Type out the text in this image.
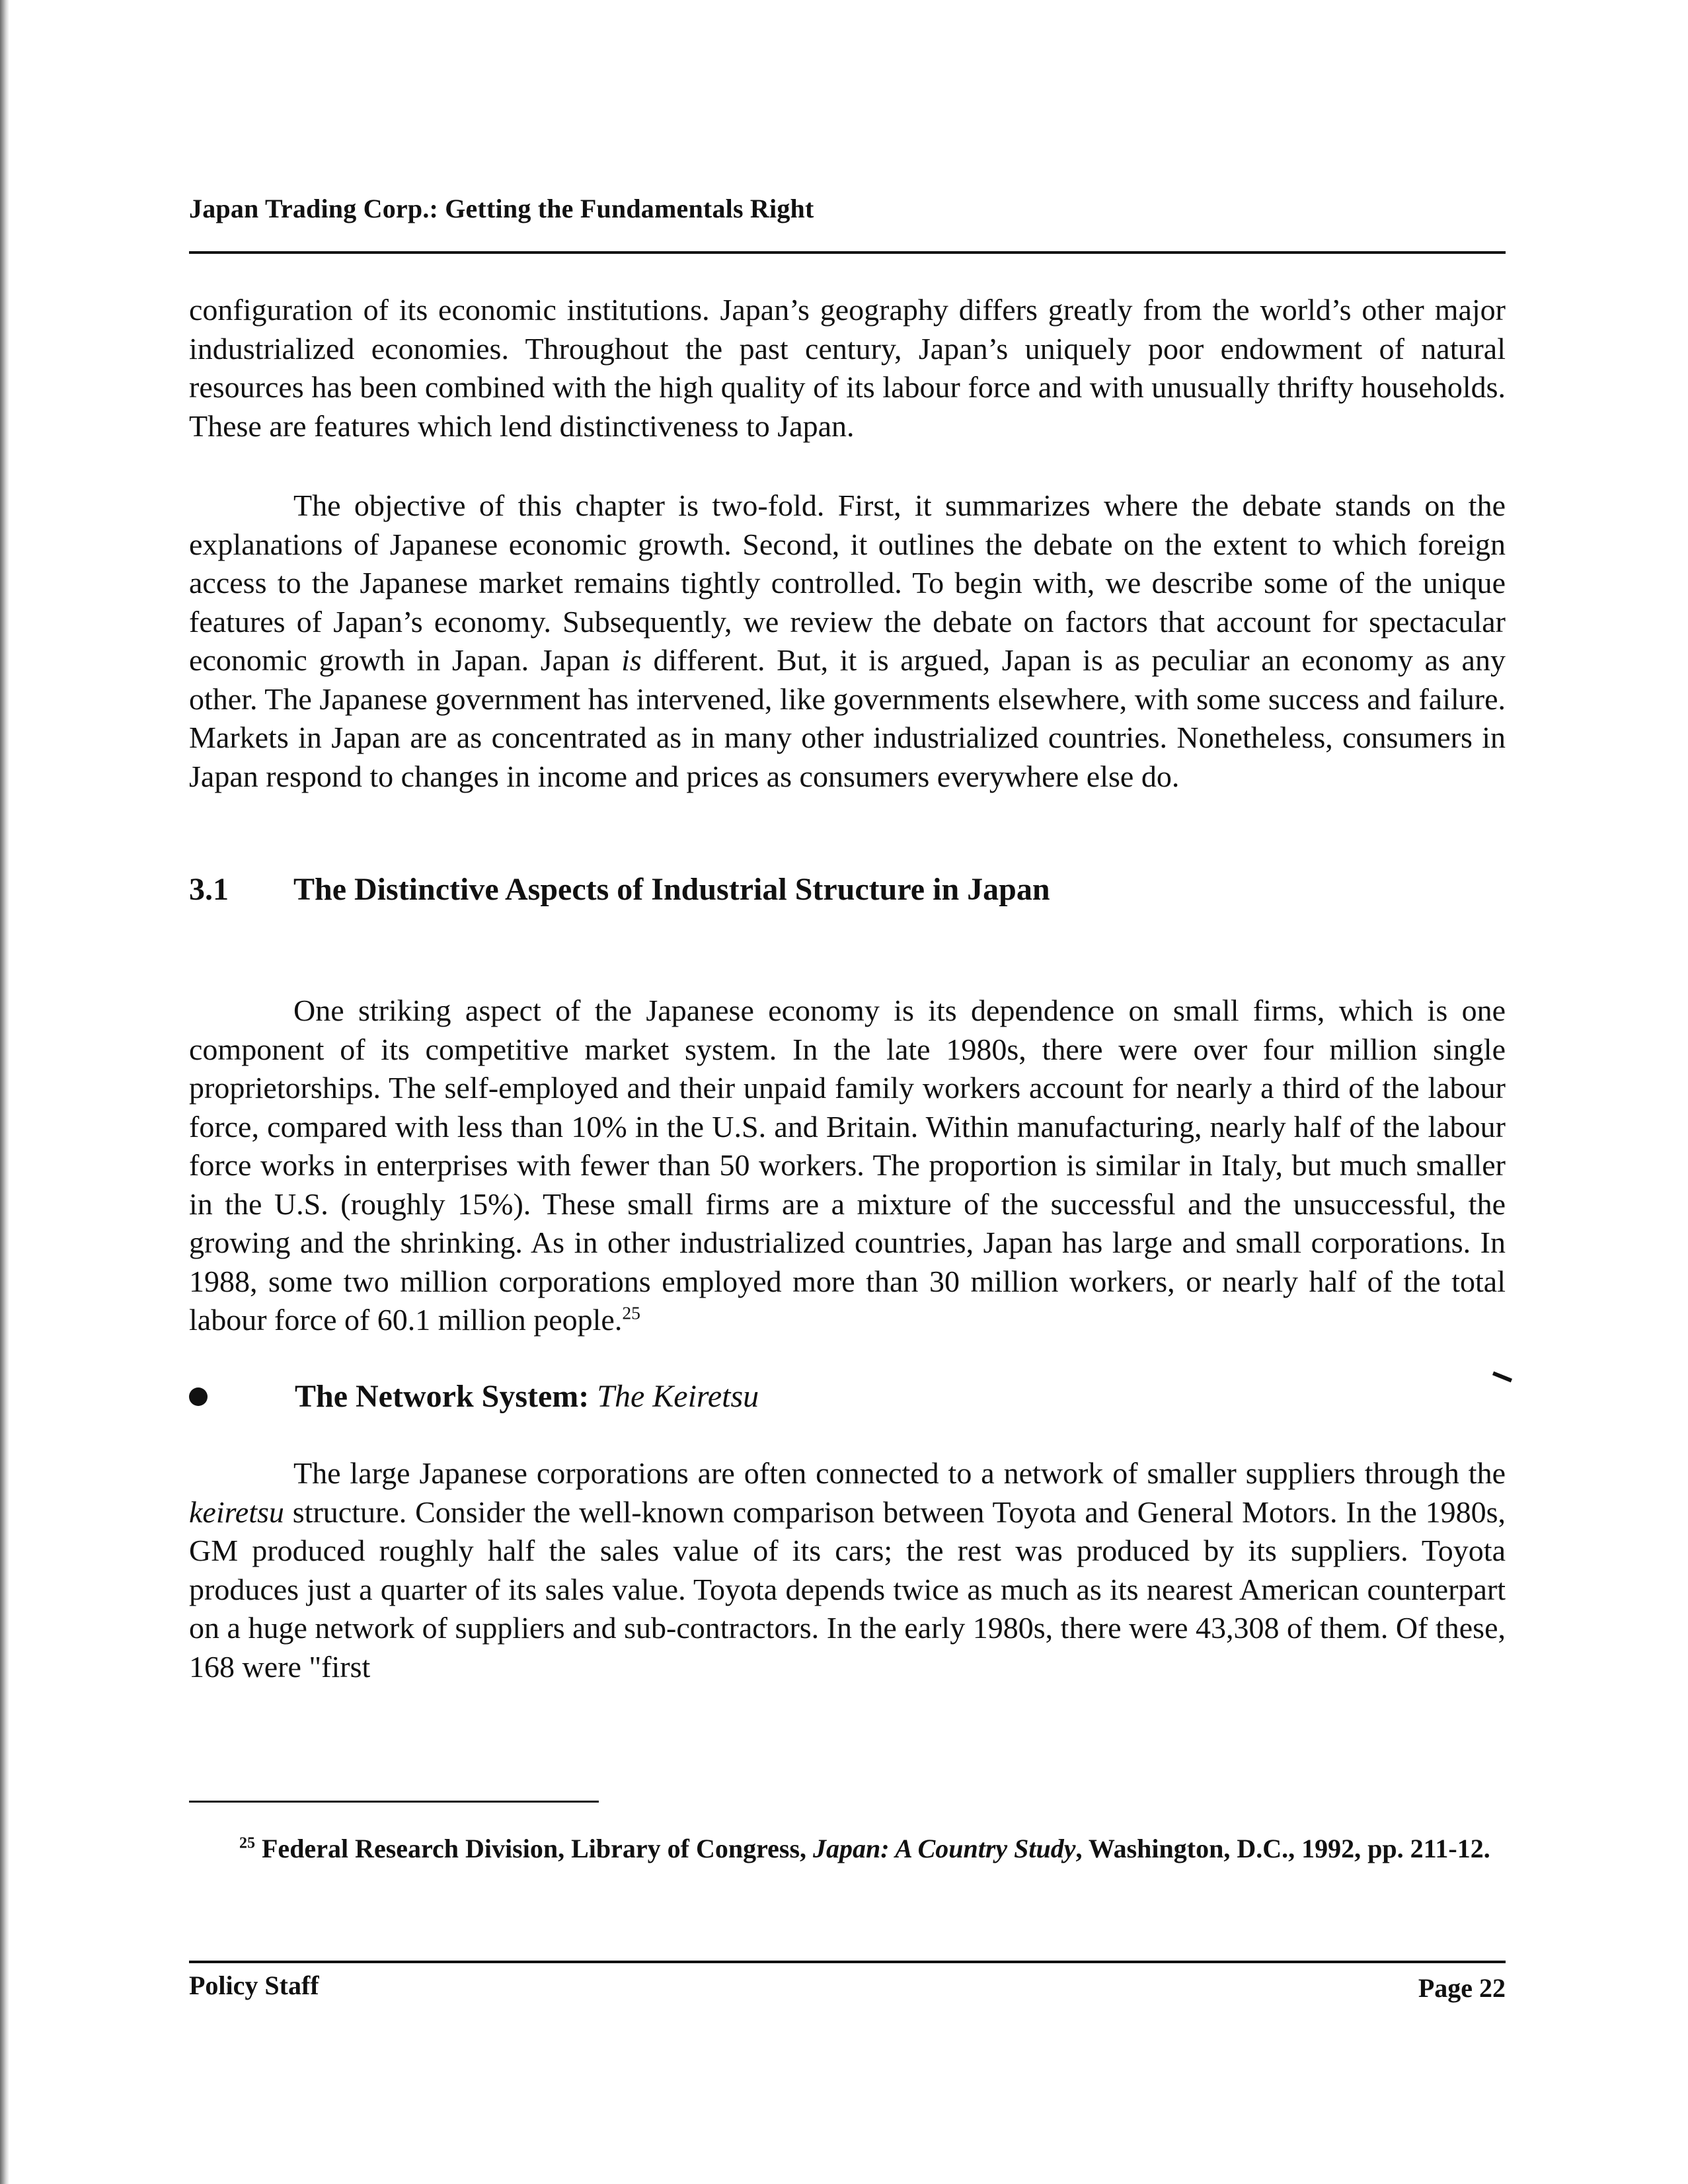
Japan Trading Corp.: Getting the Fundamentals Right

configuration of its economic institutions. Japan’s geography differs greatly from the world’s other major industrialized economies. Throughout the past century, Japan’s uniquely poor endowment of natural resources has been combined with the high quality of its labour force and with unusually thrifty households. These are features which lend distinctiveness to Japan.

The objective of this chapter is two-fold. First, it summarizes where the debate stands on the explanations of Japanese economic growth. Second, it outlines the debate on the extent to which foreign access to the Japanese market remains tightly controlled. To begin with, we describe some of the unique features of Japan’s economy. Subsequently, we review the debate on factors that account for spectacular economic growth in Japan. Japan is different. But, it is argued, Japan is as peculiar an economy as any other. The Japanese government has intervened, like governments elsewhere, with some success and failure. Markets in Japan are as concentrated as in many other industrialized countries. Nonetheless, consumers in Japan respond to changes in income and prices as consumers everywhere else do.

3.1 The Distinctive Aspects of Industrial Structure in Japan

One striking aspect of the Japanese economy is its dependence on small firms, which is one component of its competitive market system. In the late 1980s, there were over four million single proprietorships. The self-employed and their unpaid family workers account for nearly a third of the labour force, compared with less than 10% in the U.S. and Britain. Within manufacturing, nearly half of the labour force works in enterprises with fewer than 50 workers. The proportion is similar in Italy, but much smaller in the U.S. (roughly 15%). These small firms are a mixture of the successful and the unsuccessful, the growing and the shrinking. As in other industrialized countries, Japan has large and small corporations. In 1988, some two million corporations employed more than 30 million workers, or nearly half of the total labour force of 60.1 million people.$^{25}$

The Network System: The Keiretsu

The large Japanese corporations are often connected to a network of smaller suppliers through the keiretsu structure. Consider the well-known comparison between Toyota and General Motors. In the 1980s, GM produced roughly half the sales value of its cars; the rest was produced by its suppliers. Toyota produces just a quarter of its sales value. Toyota depends twice as much as its nearest American counterpart on a huge network of suppliers and sub-contractors. In the early 1980s, there were 43,308 of them. Of these, 168 were "first

$^{25}$ Federal Research Division, Library of Congress, Japan: A Country Study, Washington, D.C., 1992, pp. 211-12.

Policy Staff	Page 22
